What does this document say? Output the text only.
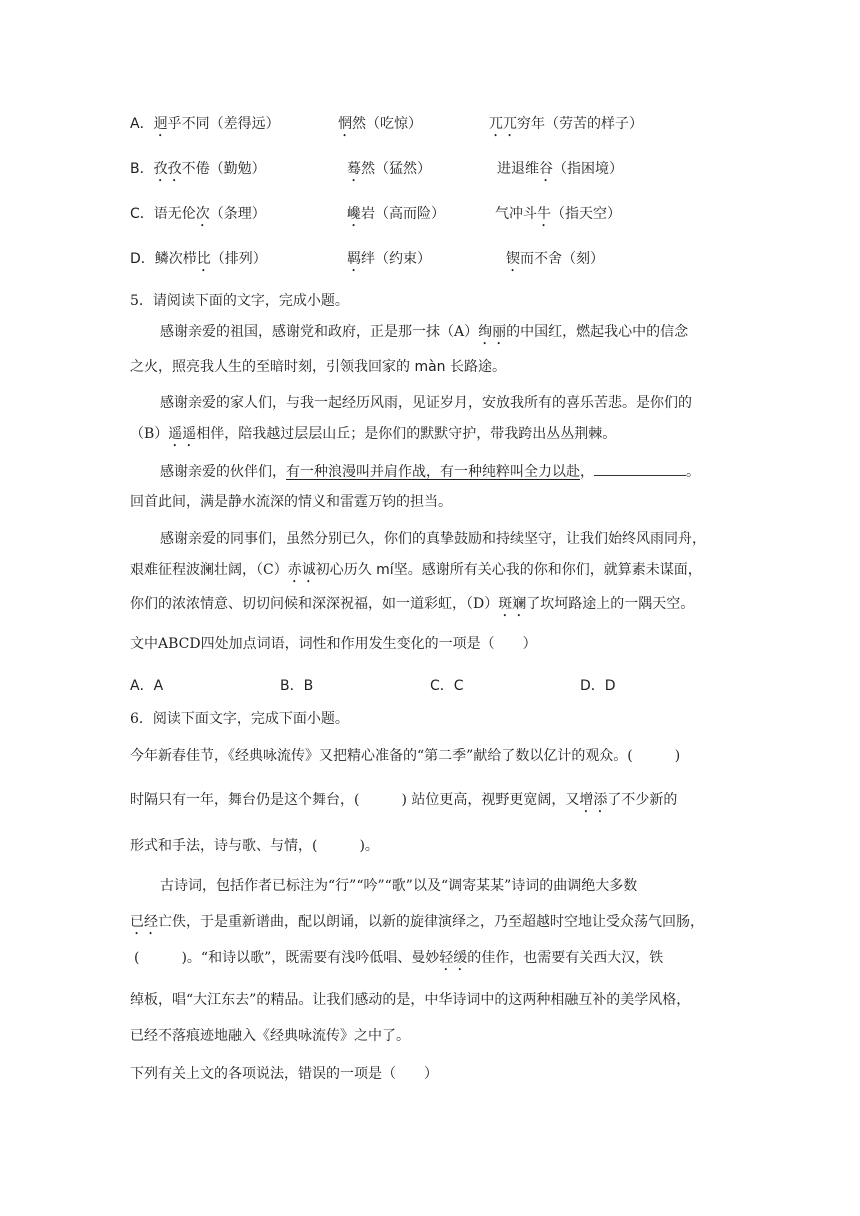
A．迥乎不同（差得远）	惘然（吃惊）	兀兀穷年（劳苦的样子）
B．孜孜不倦（勤勉）	蓦然（猛然）	进退维谷（指困境）
C．语无伦次（条理）	巉岩（高而险）	气冲斗牛（指天空）
D．鳞次栉比（排列）	羁绊（约束）	锲而不舍（刻）
5．请阅读下面的文字，完成小题。
感谢亲爱的祖国，感谢党和政府，正是那一抹（A）绚丽的中国红，燃起我心中的信念
之火，照亮我人生的至暗时刻，引领我回家的 màn 长路途。
感谢亲爱的家人们，与我一起经历风雨，见证岁月，安放我所有的喜乐苦悲。是你们的
（B）遥遥相伴，陪我越过层层山丘；是你们的默默守护，带我跨出丛丛荆棘。
感谢亲爱的伙伴们，有一种浪漫叫并肩作战，有一种纯粹叫全力以赴，	。
回首此间，满是静水流深的情义和雷霆万钧的担当。
感谢亲爱的同事们，虽然分别已久，你们的真挚鼓励和持续坚守，让我们始终风雨同舟，
艰难征程波澜壮阔，（C）赤诚初心历久 mí坚。感谢所有关心我的你和你们，就算素未谋面，
你们的浓浓情意、切切问候和深深祝福，如一道彩虹，（D）斑斓了坎坷路途上的一隅天空。
文中ABCD四处加点词语，词性和作用发生变化的一项是（　　）
A．A	B．B	C．C	D．D
6．阅读下面文字，完成下面小题。
今年新春佳节，《经典咏流传》又把精心准备的“第二季”献给了数以亿计的观众。(　　　)
时隔只有一年，舞台仍是这个舞台，(　　　) 站位更高，视野更宽阔，又增添了不少新的
形式和手法，诗与歌、与情，(　　　)。
古诗词，包括作者已标注为“行”“吟”“歌”以及“调寄某某”诗词的曲调绝大多数
已经亡佚，于是重新谱曲，配以朗诵，以新的旋律演绎之，乃至超越时空地让受众荡气回肠，
(　　　)。“和诗以歌”，既需要有浅吟低唱、曼妙轻缓的佳作，也需要有关西大汉，铁
绰板，唱“大江东去”的精品。让我们感动的是，中华诗词中的这两种相融互补的美学风格，
已经不落痕迹地融入《经典咏流传》之中了。
下列有关上文的各项说法，错误的一项是（　　）
